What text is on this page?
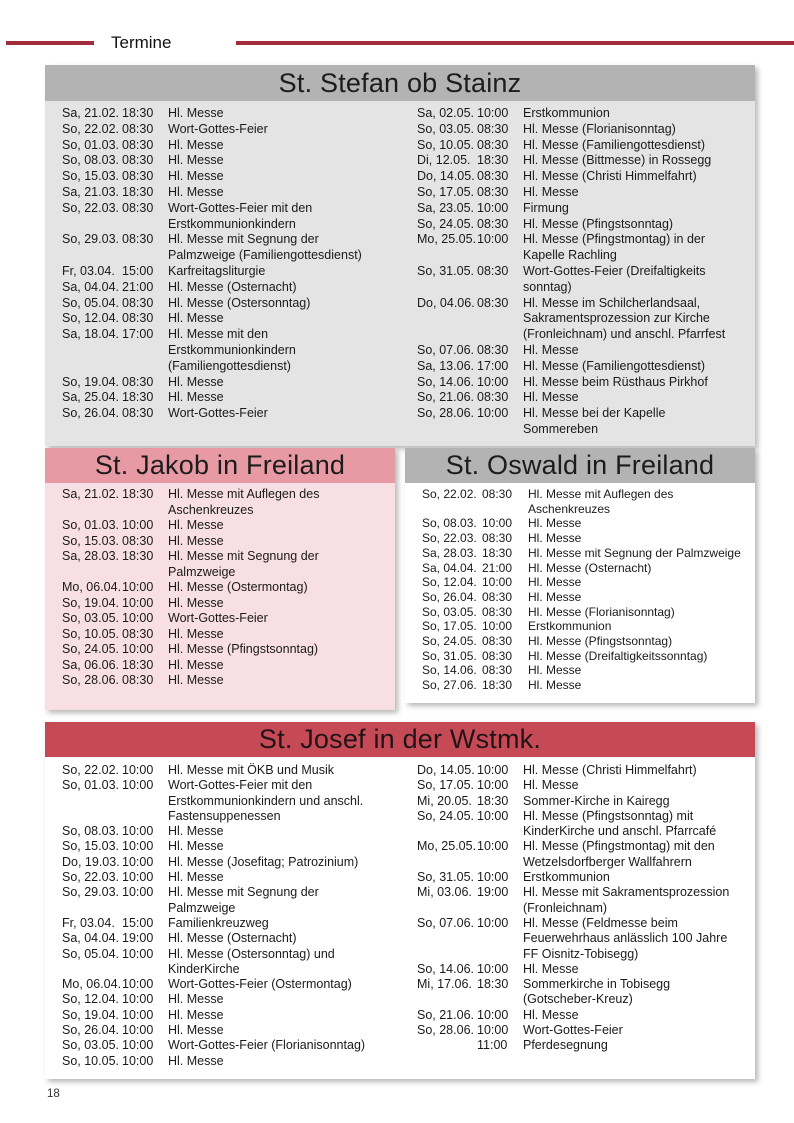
Termine
St. Stefan ob Stainz
Sa, 21.02. 18:30	Hl. Messe
So, 22.02. 08:30	Wort-Gottes-Feier
So, 01.03. 08:30	Hl. Messe
So, 08.03. 08:30	Hl. Messe
So, 15.03. 08:30	Hl. Messe
Sa, 21.03. 18:30	Hl. Messe
So, 22.03. 08:30	Wort-Gottes-Feier mit den Erstkommunionkindern
So, 29.03. 08:30	Hl. Messe mit Segnung der Palmzweige (Familiengottesdienst)
Fr, 03.04. 15:00	Karfreitagsliturgie
Sa, 04.04. 21:00	Hl. Messe (Osternacht)
So, 05.04. 08:30	Hl. Messe (Ostersonntag)
So, 12.04. 08:30	Hl. Messe
Sa, 18.04. 17:00	Hl. Messe mit den Erstkommunionkindern (Familiengottesdienst)
So, 19.04. 08:30	Hl. Messe
Sa, 25.04. 18:30	Hl. Messe
So, 26.04. 08:30	Wort-Gottes-Feier
Sa, 02.05. 10:00	Erstkommunion
So, 03.05. 08:30	Hl. Messe (Florianisonntag)
So, 10.05. 08:30	Hl. Messe (Familiengottesdienst)
Di, 12.05. 18:30	Hl. Messe (Bittmesse) in Rossegg
Do, 14.05. 08:30	Hl. Messe (Christi Himmelfahrt)
So, 17.05. 08:30	Hl. Messe
Sa, 23.05. 10:00	Firmung
So, 24.05. 08:30	Hl. Messe (Pfingstsonntag)
Mo, 25.05. 10:00	Hl. Messe (Pfingstmontag) in der Kapelle Rachling
So, 31.05. 08:30	Wort-Gottes-Feier (Dreifaltigkeits sonntag)
Do, 04.06. 08:30	Hl. Messe im Schilcherlandsaal, Sakramentsprozession zur Kirche (Fronleichnam) und anschl. Pfarrfest
So, 07.06. 08:30	Hl. Messe
Sa, 13.06. 17:00	Hl. Messe (Familiengottesdienst)
So, 14.06. 10:00	Hl. Messe beim Rüsthaus Pirkhof
So, 21.06. 08:30	Hl. Messe
So, 28.06. 10:00	Hl. Messe bei der Kapelle Sommereben
St. Jakob in Freiland
Sa, 21.02. 18:30	Hl. Messe mit Auflegen des Aschenkreuzes
So, 01.03. 10:00	Hl. Messe
So, 15.03. 08:30	Hl. Messe
Sa, 28.03. 18:30	Hl. Messe mit Segnung der Palmzweige
Mo, 06.04. 10:00	Hl. Messe (Ostermontag)
So, 19.04. 10:00	Hl. Messe
So, 03.05. 10:00	Wort-Gottes-Feier
So, 10.05. 08:30	Hl. Messe
So, 24.05. 10:00	Hl. Messe (Pfingstsonntag)
Sa, 06.06. 18:30	Hl. Messe
So, 28.06. 08:30	Hl. Messe
St. Oswald in Freiland
So, 22.02. 08:30	Hl. Messe mit Auflegen des Aschenkreuzes
So, 08.03. 10:00	Hl. Messe
So, 22.03. 08:30	Hl. Messe
Sa, 28.03. 18:30	Hl. Messe mit Segnung der Palmzweige
Sa, 04.04. 21:00	Hl. Messe (Osternacht)
So, 12.04. 10:00	Hl. Messe
So, 26.04. 08:30	Hl. Messe
So, 03.05. 08:30	Hl. Messe (Florianisonntag)
So, 17.05. 10:00	Erstkommunion
So, 24.05. 08:30	Hl. Messe (Pfingstsonntag)
So, 31.05. 08:30	Hl. Messe (Dreifaltigkeitssonntag)
So, 14.06. 08:30	Hl. Messe
So, 27.06. 18:30	Hl. Messe
St. Josef in der Wstmk.
So, 22.02. 10:00	Hl. Messe mit ÖKB und Musik
So, 01.03. 10:00	Wort-Gottes-Feier mit den Erstkommunionkindern und anschl. Fastensuppenessen
So, 08.03. 10:00	Hl. Messe
So, 15.03. 10:00	Hl. Messe
Do, 19.03. 10:00	Hl. Messe (Josefitag; Patrozinium)
So, 22.03. 10:00	Hl. Messe
So, 29.03. 10:00	Hl. Messe mit Segnung der Palmzweige
Fr, 03.04. 15:00	Familienkreuzweg
Sa, 04.04. 19:00	Hl. Messe (Osternacht)
So, 05.04. 10:00	Hl. Messe (Ostersonntag) und KinderKirche
Mo, 06.04. 10:00	Wort-Gottes-Feier (Ostermontag)
So, 12.04. 10:00	Hl. Messe
So, 19.04. 10:00	Hl. Messe
So, 26.04. 10:00	Hl. Messe
So, 03.05. 10:00	Wort-Gottes-Feier (Florianisonntag)
So, 10.05. 10:00	Hl. Messe
Do, 14.05. 10:00	Hl. Messe (Christi Himmelfahrt)
So, 17.05. 10:00	Hl. Messe
Mi, 20.05. 18:30	Sommer-Kirche in Kairegg
So, 24.05. 10:00	Hl. Messe (Pfingstsonntag) mit KinderKirche und anschl. Pfarrcafé
Mo, 25.05. 10:00	Hl. Messe (Pfingstmontag) mit den Wetzelsdorfberger Wallfahrern
So, 31.05. 10:00	Erstkommunion
Mi, 03.06. 19:00	Hl. Messe mit Sakramentsprozession (Fronleichnam)
So, 07.06. 10:00	Hl. Messe (Feldmesse beim Feuerwehrhaus anlässlich 100 Jahre FF Oisnitz-Tobisegg)
So, 14.06. 10:00	Hl. Messe
Mi, 17.06. 18:30	Sommerkirche in Tobisegg (Gotscheber-Kreuz)
So, 21.06. 10:00	Hl. Messe
So, 28.06. 10:00	Wort-Gottes-Feier
11:00	Pferdesegnung
18
